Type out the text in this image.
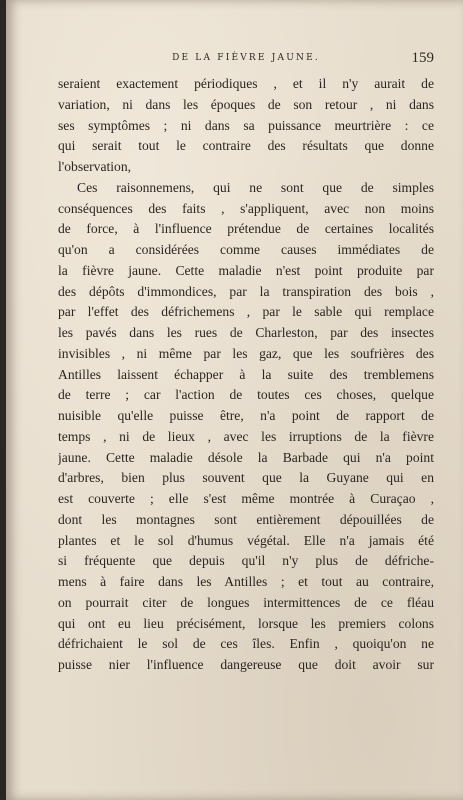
DE LA FIÈVRE JAUNE.	159
seraient exactement périodiques , et il n'y aurait de
variation, ni dans les époques de son retour , ni dans
ses symptômes ; ni dans sa puissance meurtrière : ce
qui serait tout le contraire des résultats que donne
l'observation,
Ces raisonnemens, qui ne sont que de simples
conséquences des faits , s'appliquent, avec non moins
de force, à l'influence prétendue de certaines localités
qu'on a considérées comme causes immédiates de
la fièvre jaune. Cette maladie n'est point produite par
des dépôts d'immondices, par la transpiration des bois ,
par l'effet des défrichemens , par le sable qui remplace
les pavés dans les rues de Charleston, par des insectes
invisibles , ni même par les gaz, que les soufrières des
Antilles laissent échapper à la suite des tremblemens
de terre ; car l'action de toutes ces choses, quelque
nuisible qu'elle puisse être, n'a point de rapport de
temps , ni de lieux , avec les irruptions de la fièvre
jaune. Cette maladie désole la Barbade qui n'a point
d'arbres, bien plus souvent que la Guyane qui en
est couverte ; elle s'est même montrée à Curaçao ,
dont les montagnes sont entièrement dépouillées de
plantes et le sol d'humus végétal. Elle n'a jamais été
si fréquente que depuis qu'il n'y plus de défriche-
mens à faire dans les Antilles ; et tout au contraire,
on pourrait citer de longues intermittences de ce fléau
qui ont eu lieu précisément, lorsque les premiers colons
défrichaient le sol de ces îles. Enfin , quoiqu'on ne
puisse nier l'influence dangereuse que doit avoir sur
